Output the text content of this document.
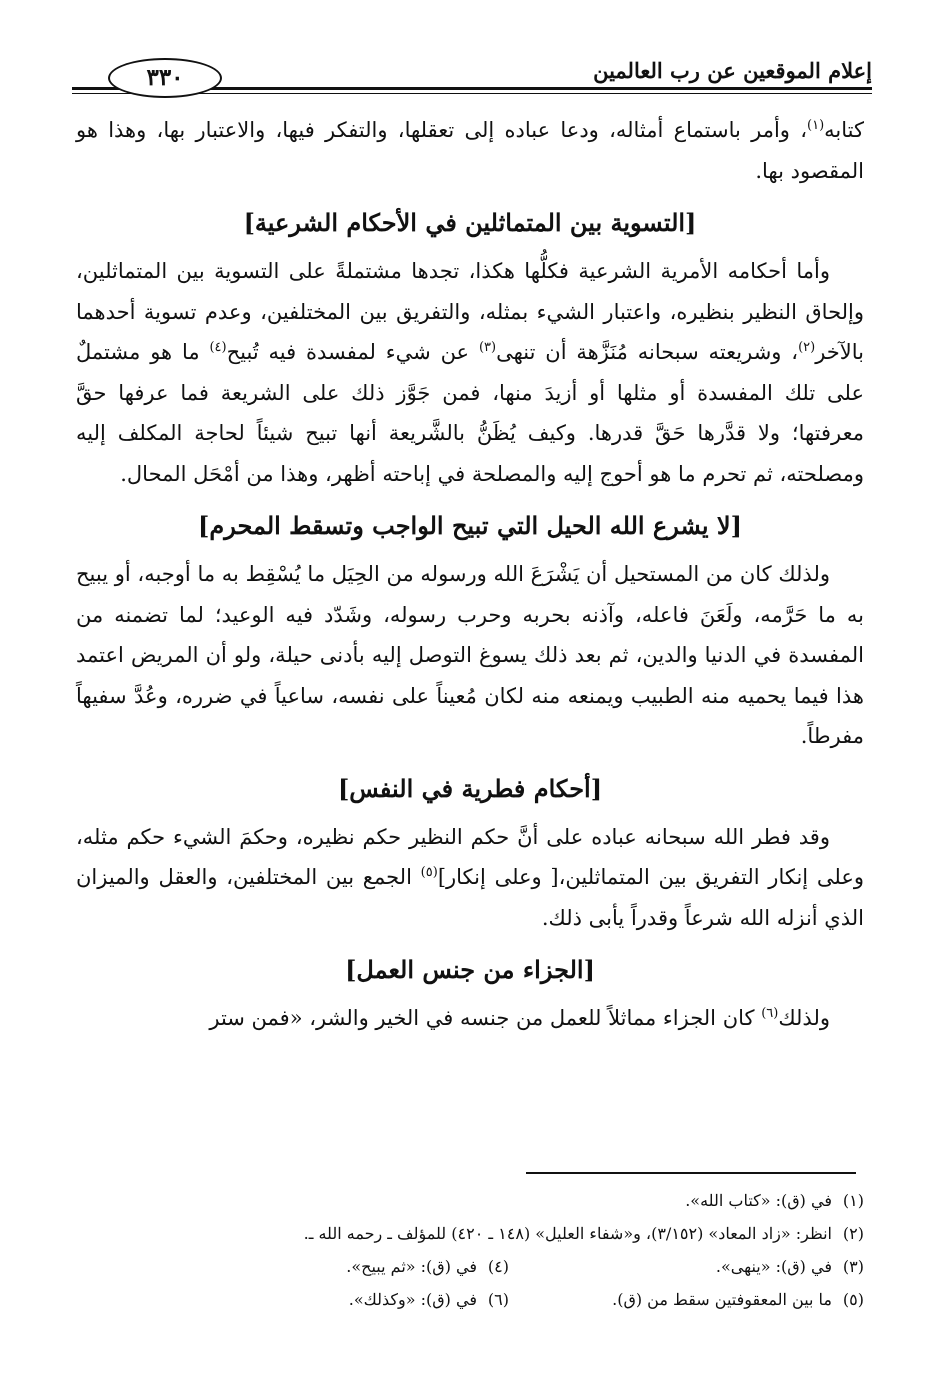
إعلام الموقعين عن رب العالمين
٣٣٠

كتابه$^{(١)}$، وأمر باستماع أمثاله، ودعا عباده إلى تعقلها، والتفكر فيها، والاعتبار بها، وهذا هو المقصود بها.

[التسوية بين المتماثلين في الأحكام الشرعية]

وأما أحكامه الأمرية الشرعية فكلُّها هكذا، تجدها مشتملةً على التسوية بين المتماثلين، وإلحاق النظير بنظيره، واعتبار الشيء بمثله، والتفريق بين المختلفين، وعدم تسوية أحدهما بالآخر$^{(٢)}$، وشريعته سبحانه مُنَزَّهة أن تنهى$^{(٣)}$ عن شيء لمفسدة فيه تُبيح$^{(٤)}$ ما هو مشتملٌ على تلك المفسدة أو مثلها أو أزيدَ منها، فمن جَوَّز ذلك على الشريعة فما عرفها حقَّ معرفتها؛ ولا قدَّرها حَقَّ قدرها. وكيف يُظَنُّ بالشَّريعة أنها تبيح شيئاً لحاجة المكلف إليه ومصلحته، ثم تحرم ما هو أحوج إليه والمصلحة في إباحته أظهر، وهذا من أمْحَل المحال.

[لا يشرع الله الحيل التي تبيح الواجب وتسقط المحرم]

ولذلك كان من المستحيل أن يَشْرَعَ الله ورسوله من الحِيَل ما يُسْقِط به ما أوجبه، أو يبيح به ما حَرَّمه، ولَعَنَ فاعله، وآذنه بحربه وحرب رسوله، وشَدّد فيه الوعيد؛ لما تضمنه من المفسدة في الدنيا والدين، ثم بعد ذلك يسوغ التوصل إليه بأدنى حيلة، ولو أن المريض اعتمد هذا فيما يحميه منه الطبيب ويمنعه منه لكان مُعيناً على نفسه، ساعياً في ضرره، وعُدَّ سفيهاً مفرطاً.

[أحكام فطرية في النفس]

وقد فطر الله سبحانه عباده على أنَّ حكم النظير حكم نظيره، وحكمَ الشيء حكم مثله، وعلى إنكار التفريق بين المتماثلين،[ وعلى إنكار]$^{(٥)}$ الجمع بين المختلفين، والعقل والميزان الذي أنزله الله شرعاً وقدراً يأبى ذلك.

[الجزاء من جنس العمل]

ولذلك$^{(٦)}$ كان الجزاء مماثلاً للعمل من جنسه في الخير والشر، «فمن ستر

(١)في (ق): «كتاب الله».
(٢)انظر: «زاد المعاد» (٣/١٥٢)، و«شفاء العليل» (١٤٨ ـ ٤٢٠) للمؤلف ـ رحمه الله ـ.
(٣)في (ق): «ينهى».
(٤)في (ق): «ثم يبيح».
(٥)ما بين المعقوفتين سقط من (ق).
(٦)في (ق): «وكذلك».
